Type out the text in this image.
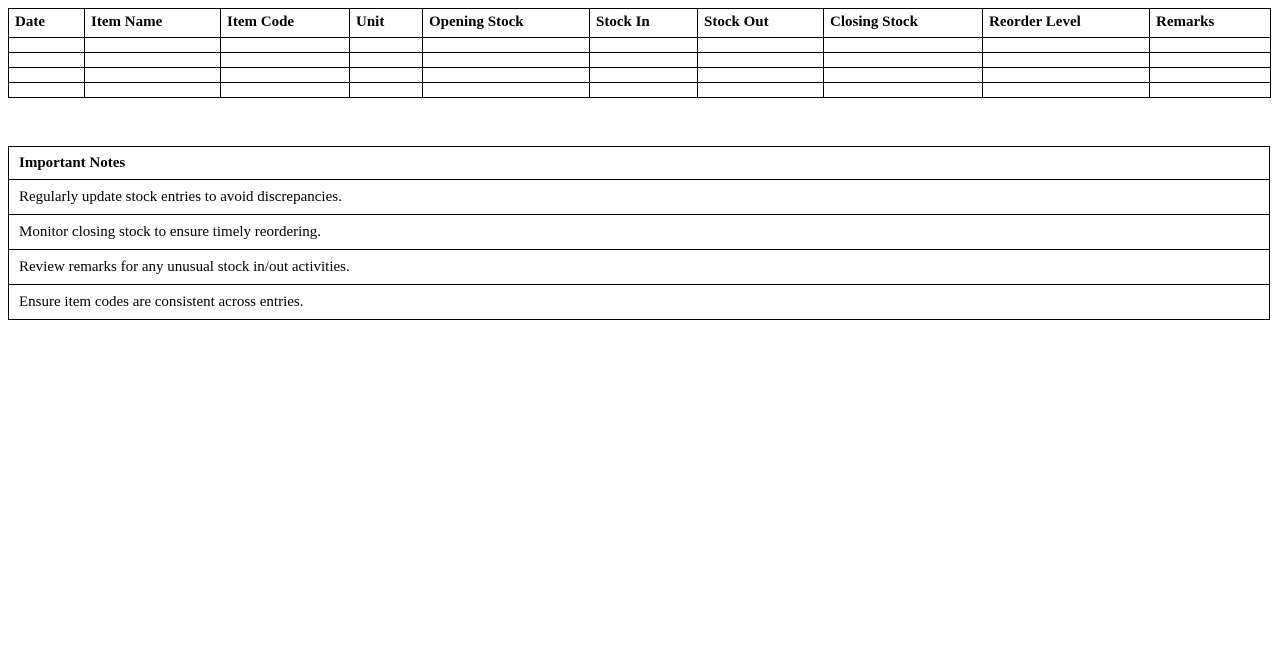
Date	Item Name	Item Code	Unit	Opening Stock	Stock In	Stock Out	Closing Stock	Reorder Level	Remarks

Important Notes
Regularly update stock entries to avoid discrepancies.
Monitor closing stock to ensure timely reordering.
Review remarks for any unusual stock in/out activities.
Ensure item codes are consistent across entries.
